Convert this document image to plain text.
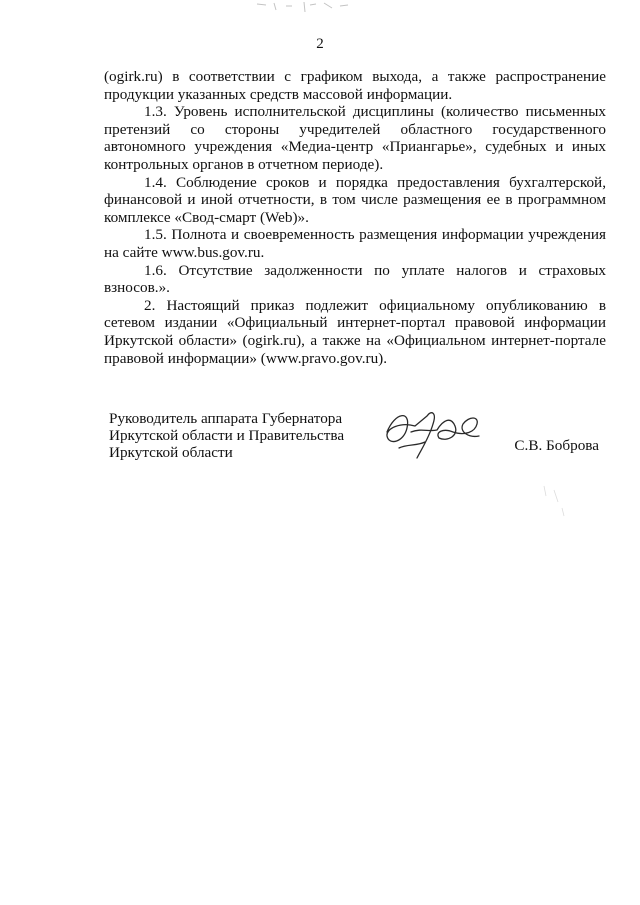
2

(ogirk.ru) в соответствии с графиком выхода, а также распространение продукции указанных средств массовой информации.

1.3. Уровень исполнительской дисциплины (количество письменных претензий со стороны учредителей областного государственного автономного учреждения «Медиа-центр «Приангарье», судебных и иных контрольных органов в отчетном периоде).

1.4. Соблюдение сроков и порядка предоставления бухгалтерской, финансовой и иной отчетности, в том числе размещения ее в программном комплексе «Свод-смарт (Web)».

1.5. Полнота и своевременность размещения информации учреждения на сайте www.bus.gov.ru.

1.6. Отсутствие задолженности по уплате налогов и страховых взносов.».

2. Настоящий приказ подлежит официальному опубликованию в сетевом издании «Официальный интернет-портал правовой информации Иркутской области» (ogirk.ru), а также на «Официальном интернет-портале правовой информации» (www.pravo.gov.ru).

Руководитель аппарата Губернатора
Иркутской области и Правительства
Иркутской области	С.В. Боброва
